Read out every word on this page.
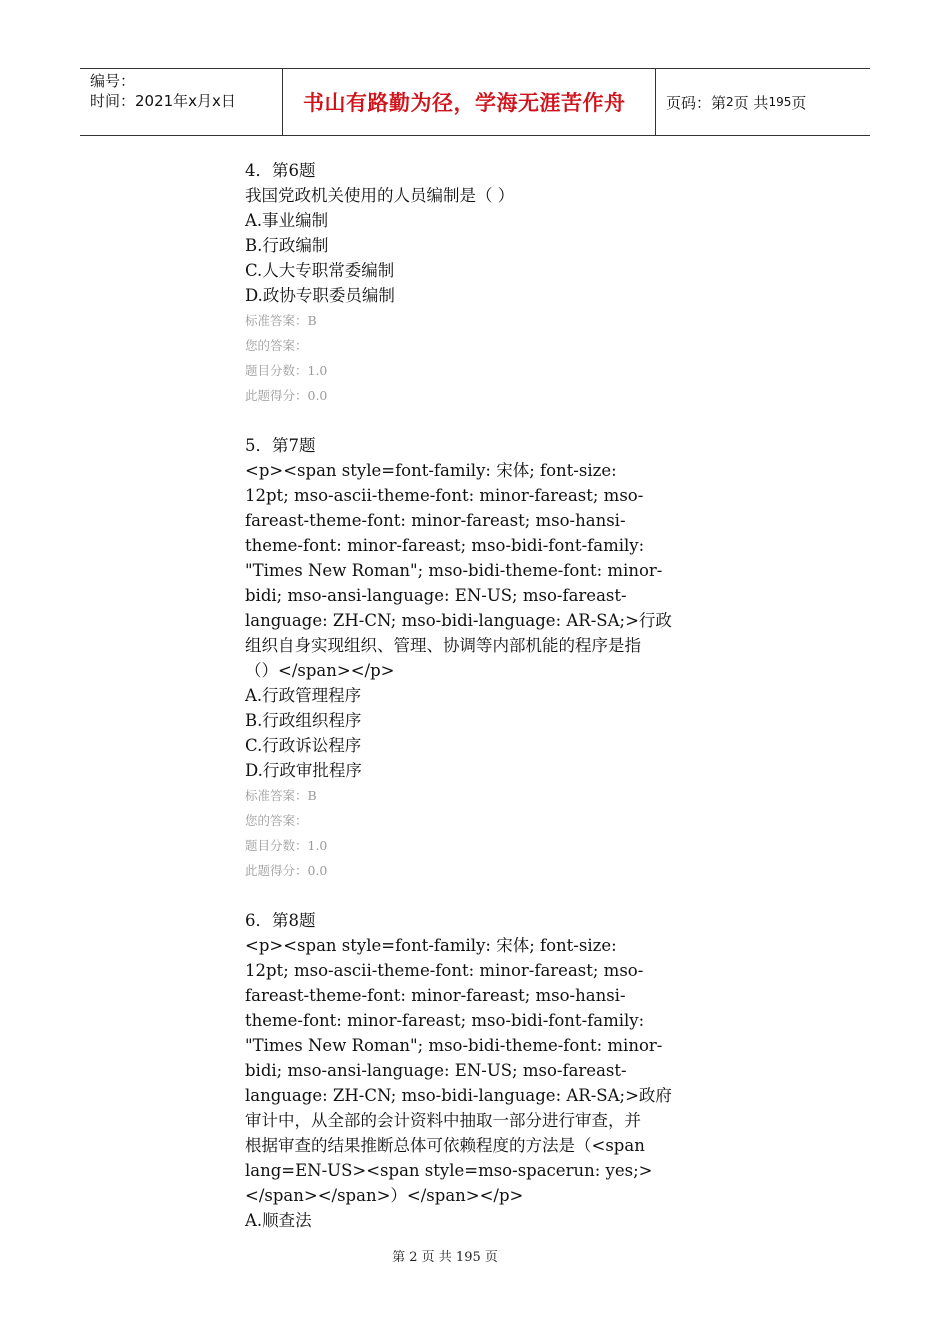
编号：
时间：2021年x月x日	书山有路勤为径，学海无涯苦作舟	页码：第 2 页 共 195 页
4．第6题
我国党政机关使用的人员编制是（ ）
A.事业编制
B.行政编制
C.人大专职常委编制
D.政协专职委员编制
标准答案：B
您的答案：
题目分数：1.0
此题得分：0.0
5．第7题
<p><span style=font-family: 宋体; font-size:
12pt; mso-ascii-theme-font: minor-fareast; mso-
fareast-theme-font: minor-fareast; mso-hansi-
theme-font: minor-fareast; mso-bidi-font-family:
"Times New Roman"; mso-bidi-theme-font: minor-
bidi; mso-ansi-language: EN-US; mso-fareast-
language: ZH-CN; mso-bidi-language: AR-SA;>行政
组织自身实现组织、管理、协调等内部机能的程序是指
（）</span></p>
A.行政管理程序
B.行政组织程序
C.行政诉讼程序
D.行政审批程序
标准答案：B
您的答案：
题目分数：1.0
此题得分：0.0
6．第8题
<p><span style=font-family: 宋体; font-size:
12pt; mso-ascii-theme-font: minor-fareast; mso-
fareast-theme-font: minor-fareast; mso-hansi-
theme-font: minor-fareast; mso-bidi-font-family:
"Times New Roman"; mso-bidi-theme-font: minor-
bidi; mso-ansi-language: EN-US; mso-fareast-
language: ZH-CN; mso-bidi-language: AR-SA;>政府
审计中，从全部的会计资料中抽取一部分进行审查，并
根据审查的结果推断总体可依赖程度的方法是（<span
lang=EN-US><span style=mso-spacerun: yes;>
</span></span>）</span></p>
A.顺查法
第 2 页 共 195 页
